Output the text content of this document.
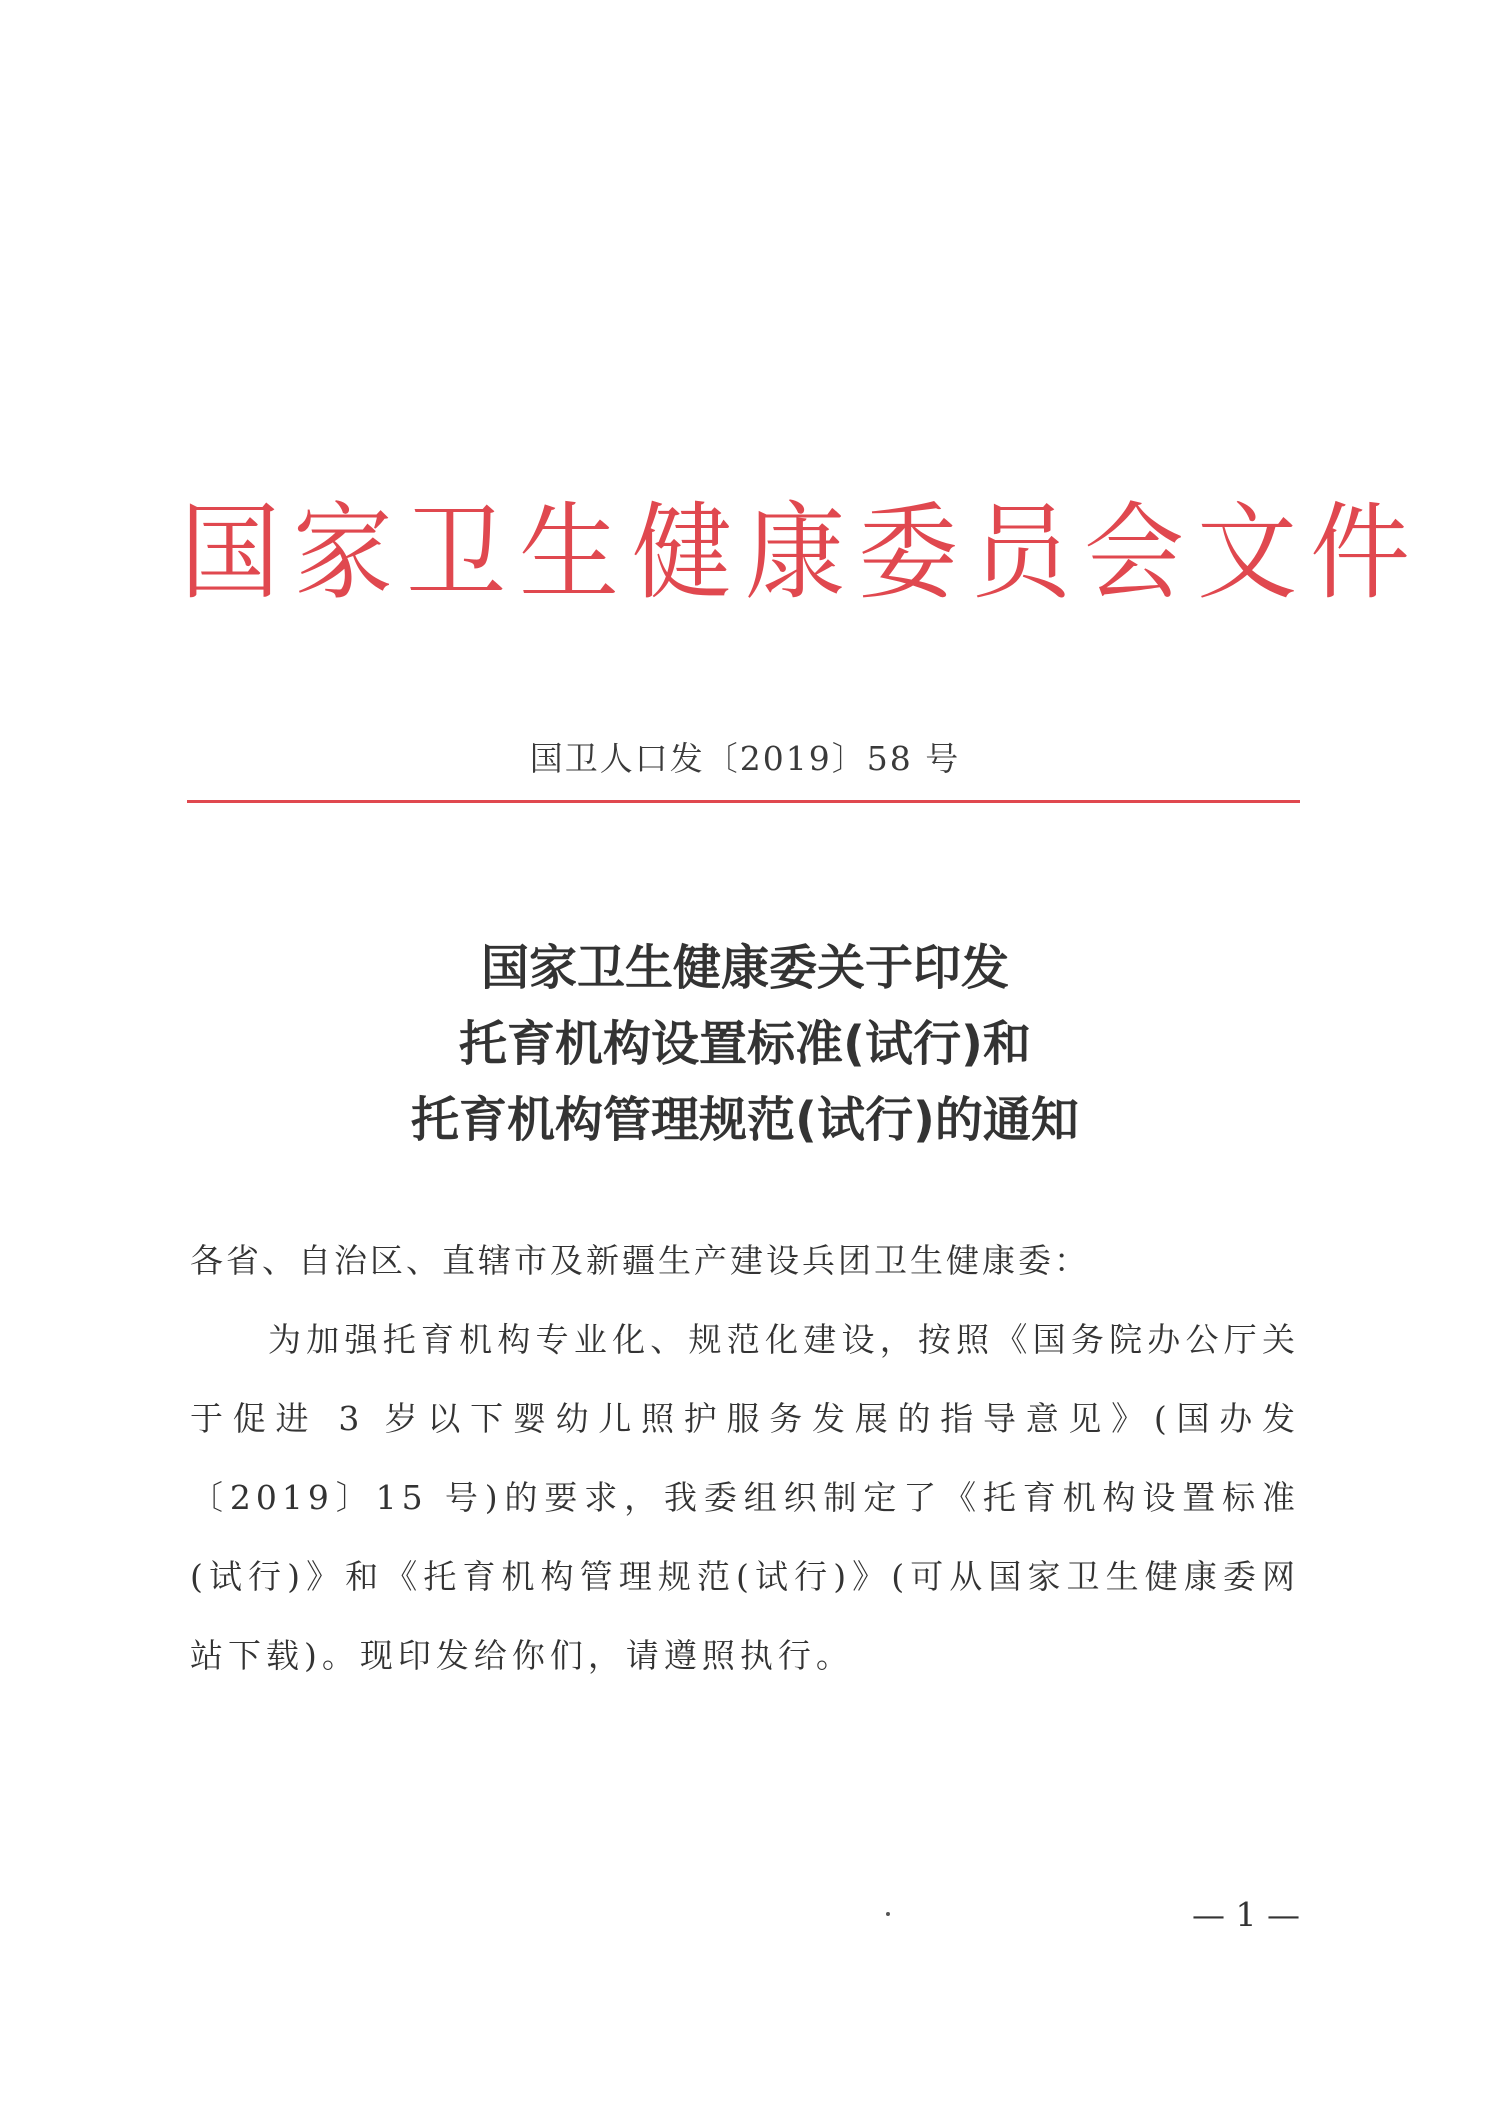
国家卫生健康委员会文件
国卫人口发〔2019〕58 号
国家卫生健康委关于印发
托育机构设置标准(试行)和
托育机构管理规范(试行)的通知
各省、自治区、直辖市及新疆生产建设兵团卫生健康委：

为加强托育机构专业化、规范化建设，按照《国务院办公厅关于促进 3 岁以下婴幼儿照护服务发展的指导意见》(国办发〔2019〕15 号)的要求，我委组织制定了《托育机构设置标准(试行)》和《托育机构管理规范(试行)》(可从国家卫生健康委网站下载)。现印发给你们，请遵照执行。

— 1 —
